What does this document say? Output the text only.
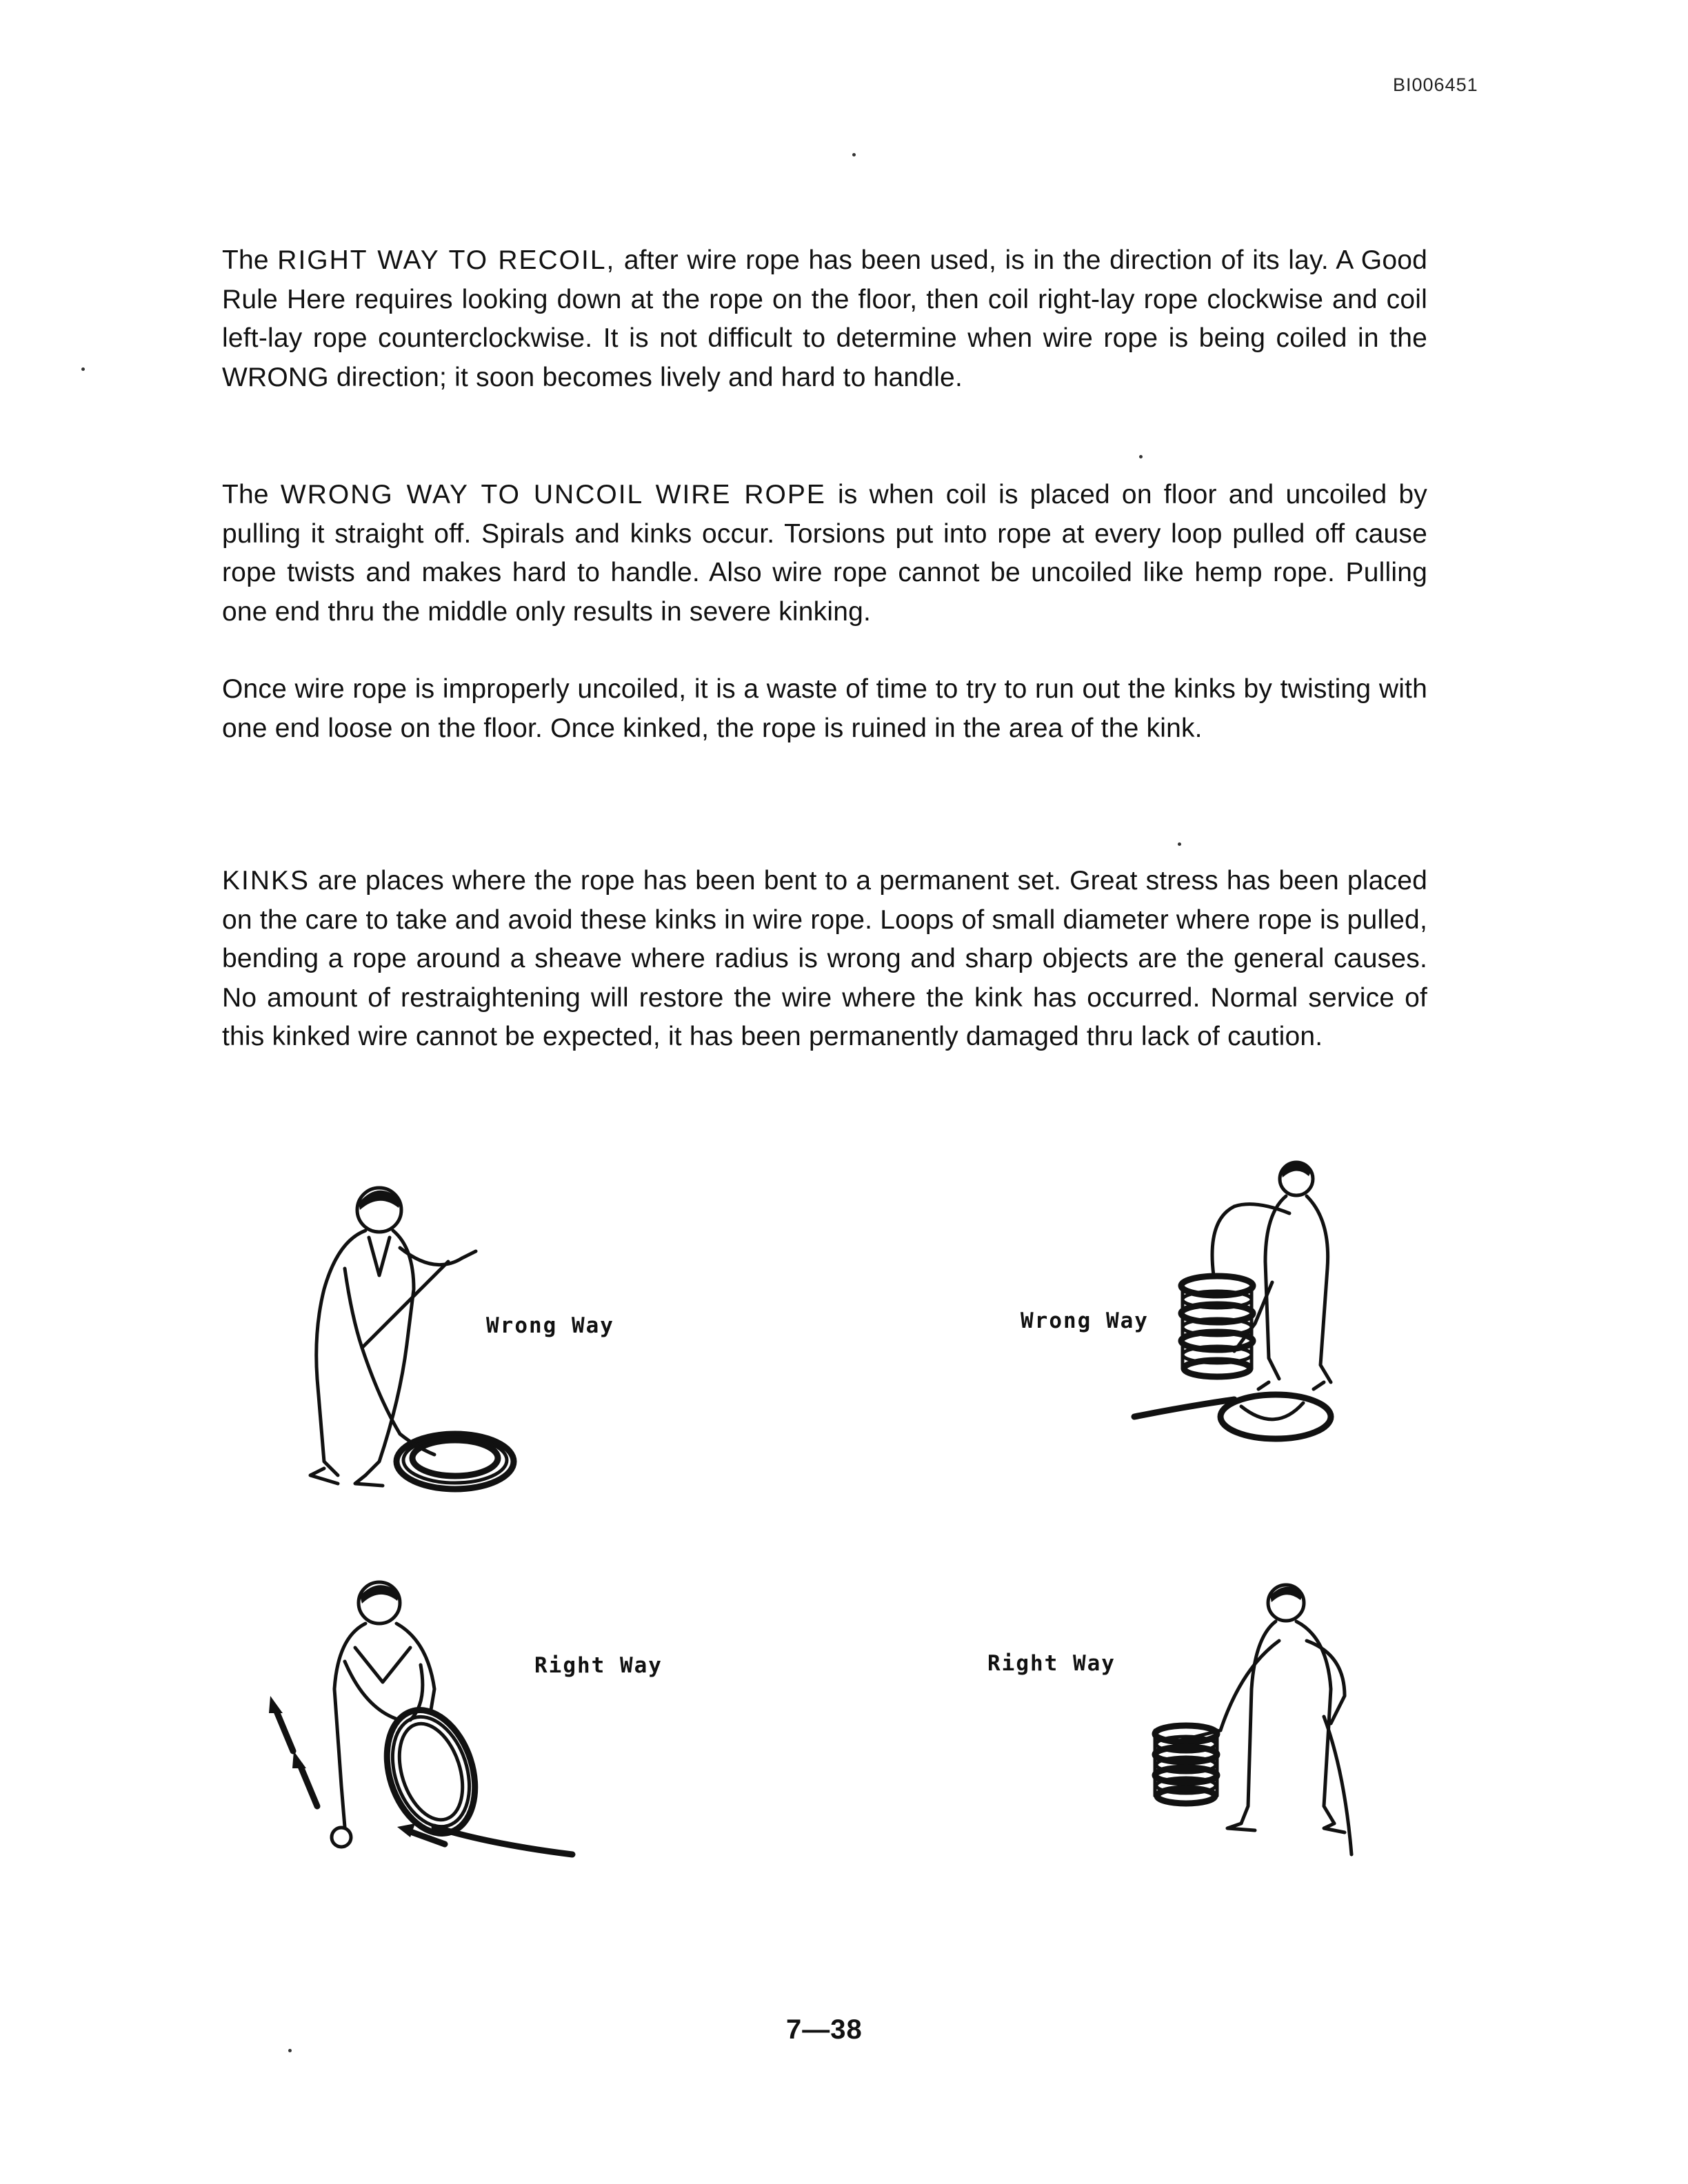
BI006451

The RIGHT WAY TO RECOIL, after wire rope has been used, is in the direction of its lay. A Good Rule Here requires looking down at the rope on the floor, then coil right-lay rope clockwise and coil left-lay rope counterclockwise. It is not difficult to determine when wire rope is being coiled in the WRONG direction; it soon becomes lively and hard to handle.

The WRONG WAY TO UNCOIL WIRE ROPE is when coil is placed on floor and uncoiled by pulling it straight off. Spirals and kinks occur. Torsions put into rope at every loop pulled off cause rope twists and makes hard to handle. Also wire rope cannot be uncoiled like hemp rope. Pulling one end thru the middle only results in severe kinking.

Once wire rope is improperly uncoiled, it is a waste of time to try to run out the kinks by twisting with one end loose on the floor. Once kinked, the rope is ruined in the area of the kink.

KINKS are places where the rope has been bent to a permanent set. Great stress has been placed on the care to take and avoid these kinks in wire rope. Loops of small diameter where rope is pulled, bending a rope around a sheave where radius is wrong and sharp objects are the general causes. No amount of restraightening will restore the wire where the kink has occurred. Normal service of this kinked wire cannot be expected, it has been permanently damaged thru lack of caution.

Wrong Way	Wrong Way
Right Way	Right Way
7—38
